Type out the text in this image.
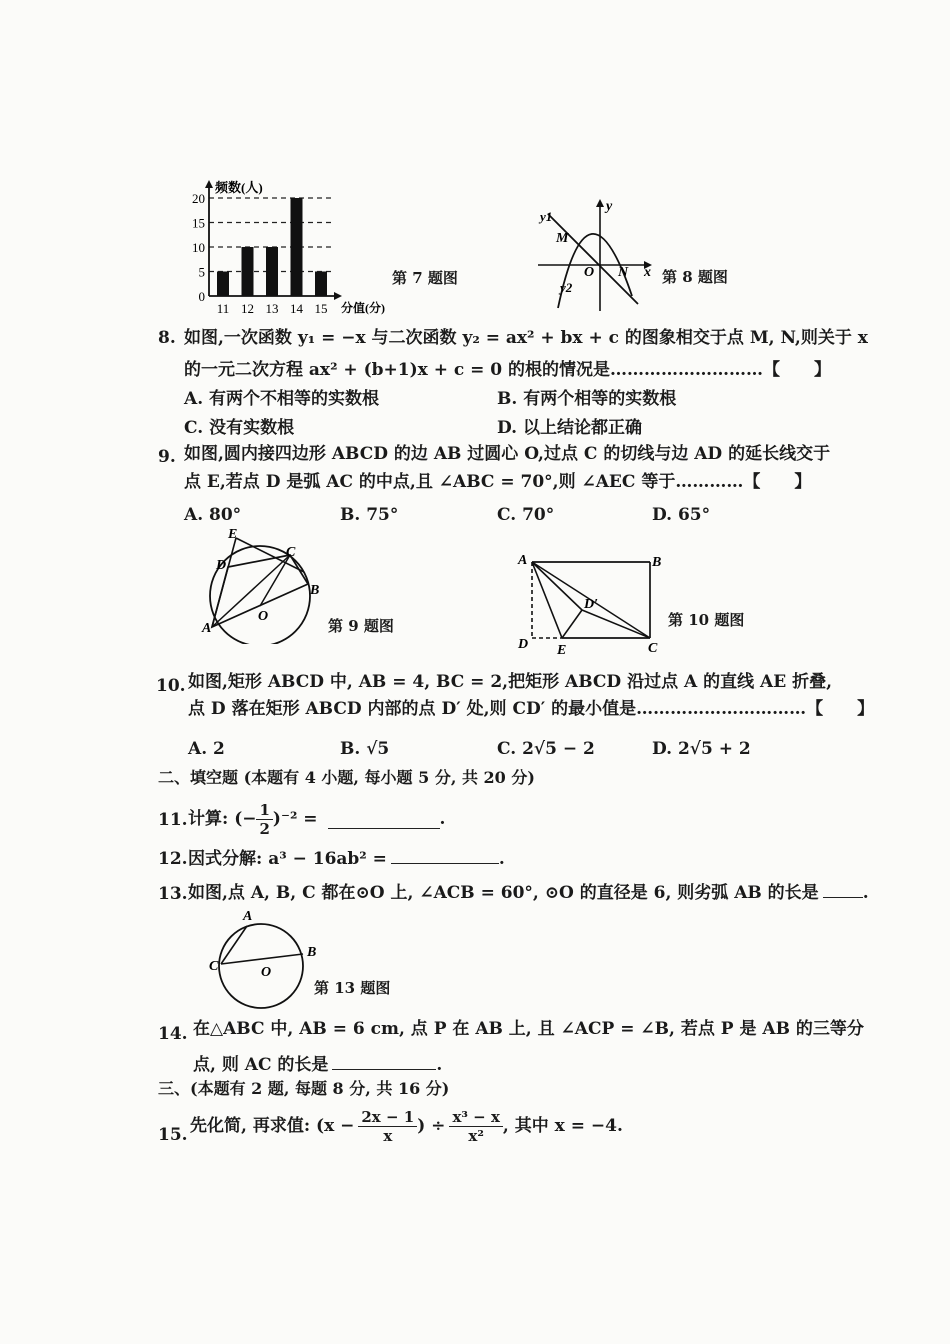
0
5
10
15
20
11 12 13 14 15
频数(人)
分值(分)
第 7 题图
y
x
y1
y2
M
N
O	第 8 题图
8. 如图,一次函数 y₁ = −x 与二次函数 y₂ = ax² + bx + c 的图象相交于点 M, N,则关于 x
的一元二次方程 ax² + (b+1)x + c = 0 的根的情况是………………………【　　】
A. 有两个不相等的实数根	B. 有两个相等的实数根
C. 没有实数根	D. 以上结论都正确
9. 如图,圆内接四边形 ABCD 的边 AB 过圆心 O,过点 C 的切线与边 AD 的延长线交于
点 E,若点 D 是弧 AC 的中点,且 ∠ABC = 70°,则 ∠AEC 等于…………【　　】
A. 80°	B. 75°	C. 70°	D. 65°
E
D
C
B
A
O
第 9 题图
A	B
D′
D E	C
第 10 题图
10. 如图,矩形 ABCD 中, AB = 4, BC = 2,把矩形 ABCD 沿过点 A 的直线 AE 折叠,
点 D 落在矩形 ABCD 内部的点 D′ 处,则 CD′ 的最小值是…………………………【　　】
A. 2	B. √5	C. 2√5 − 2	D. 2√5 + 2
二、填空题 (本题有 4 小题, 每小题 5 分, 共 20 分)
11. 计算: (− $\frac{1}{2} )^{-2}$ =	.
12. 因式分解: a³ − 16ab² =	.
13. 如图,点 A, B, C 都在⊙O 上, ∠ACB = 60°, ⊙O 的直径是 6, 则劣弧 AB 的长是	.
A
B
C	O
第 13 题图
14. 在△ABC 中, AB = 6 cm, 点 P 在 AB 上, 且 ∠ACP = ∠B, 若点 P 是 AB 的三等分
点, 则 AC 的长是	.
三、(本题有 2 题, 每题 8 分, 共 16 分)
15. 先化简, 再求值: ($x - \frac{2x - 1}{x}$ ) ÷ $\frac{\text{x³ − x}}{\text{x²}}$ , 其中 x = −4.
